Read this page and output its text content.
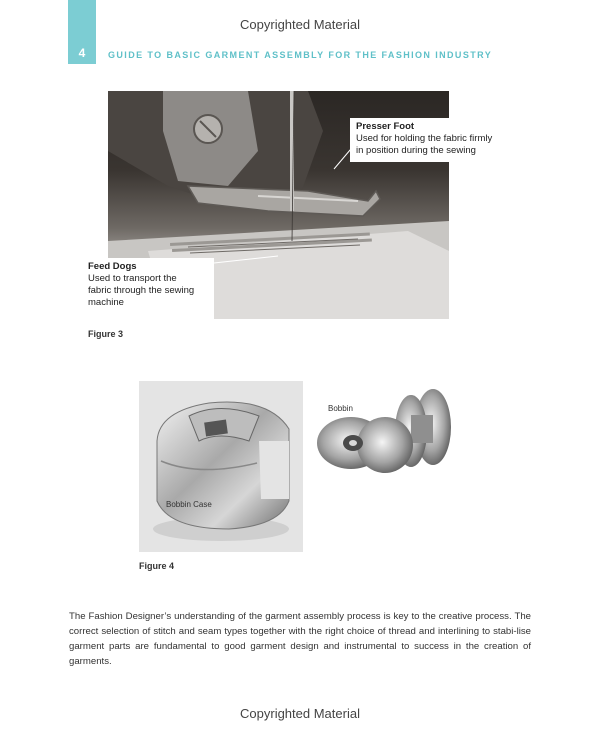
Copyrighted Material
4	GUIDE TO BASIC GARMENT ASSEMBLY FOR THE FASHION INDUSTRY
Presser Foot
Used for holding the fabric firmly
in position during the sewing
Feed Dogs
Used to transport the
fabric through the sewing
machine
Figure 3
Bobbin Case
Bobbin
Figure 4
The Fashion Designer’s understanding of the garment assembly process is key to the creative process. The correct selection of stitch and seam types together with the right choice of thread and interlining to stabi-lise garment parts are fundamental to good garment design and instrumental to success in the creation of garments.
Copyrighted Material
